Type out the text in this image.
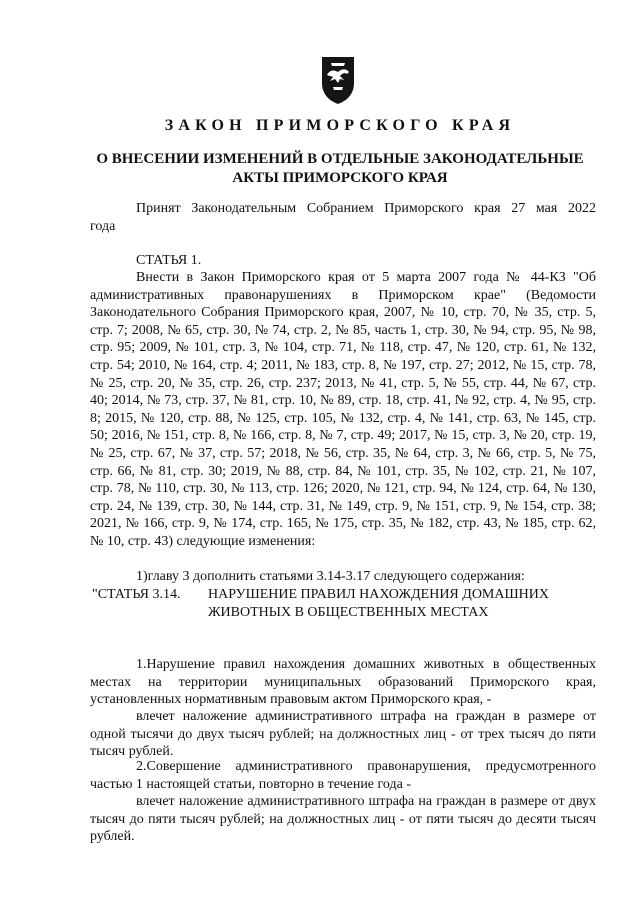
ЗАКОН ПРИМОРСКОГО КРАЯ
О ВНЕСЕНИИ ИЗМЕНЕНИЙ В ОТДЕЛЬНЫЕ ЗАКОНОДАТЕЛЬНЫЕ АКТЫ ПРИМОРСКОГО КРАЯ
Принят Законодательным Собранием Приморского края 27 мая 2022 года
СТАТЬЯ 1.
Внести в Закон Приморского края от 5 марта 2007 года № 44-КЗ "Об административных правонарушениях в Приморском крае" (Ведомости Законодательного Собрания Приморского края, 2007, № 10, стр. 70, № 35, стр. 5, стр. 7; 2008, № 65, стр. 30, № 74, стр. 2, № 85, часть 1, стр. 30, № 94, стр. 95, № 98, стр. 95; 2009, № 101, стр. 3, № 104, стр. 71, № 118, стр. 47, № 120, стр. 61, № 132, стр. 54; 2010, № 164, стр. 4; 2011, № 183, стр. 8, № 197, стр. 27; 2012, № 15, стр. 78, № 25, стр. 20, № 35, стр. 26, стр. 237; 2013, № 41, стр. 5, № 55, стр. 44, № 67, стр. 40; 2014, № 73, стр. 37, № 81, стр. 10, № 89, стр. 18, стр. 41, № 92, стр. 4, № 95, стр. 8; 2015, № 120, стр. 88, № 125, стр. 105, № 132, стр. 4, № 141, стр. 63, № 145, стр. 50; 2016, № 151, стр. 8, № 166, стр. 8, № 7, стр. 49; 2017, № 15, стр. 3, № 20, стр. 19, № 25, стр. 67, № 37, стр. 57; 2018, № 56, стр. 35, № 64, стр. 3, № 66, стр. 5, № 75, стр. 66, № 81, стр. 30; 2019, № 88, стр. 84, № 101, стр. 35, № 102, стр. 21, № 107, стр. 78, № 110, стр. 30, № 113, стр. 126; 2020, № 121, стр. 94, № 124, стр. 64, № 130, стр. 24, № 139, стр. 30, № 144, стр. 31, № 149, стр. 9, № 151, стр. 9, № 154, стр. 38; 2021, № 166, стр. 9, № 174, стр. 165, № 175, стр. 35, № 182, стр. 43, № 185, стр. 62, № 10, стр. 43) следующие изменения:
1)главу 3 дополнить статьями 3.14-3.17 следующего содержания:
"СТАТЬЯ 3.14. НАРУШЕНИЕ ПРАВИЛ НАХОЖДЕНИЯ ДОМАШНИХ ЖИВОТНЫХ В ОБЩЕСТВЕННЫХ МЕСТАХ
1.Нарушение правил нахождения домашних животных в общественных местах на территории муниципальных образований Приморского края, установленных нормативным правовым актом Приморского края, -
влечет наложение административного штрафа на граждан в размере от одной тысячи до двух тысяч рублей; на должностных лиц - от трех тысяч до пяти тысяч рублей.
2.Совершение административного правонарушения, предусмотренного частью 1 настоящей статьи, повторно в течение года -
влечет наложение административного штрафа на граждан в размере от двух тысяч до пяти тысяч рублей; на должностных лиц - от пяти тысяч до десяти тысяч рублей.
